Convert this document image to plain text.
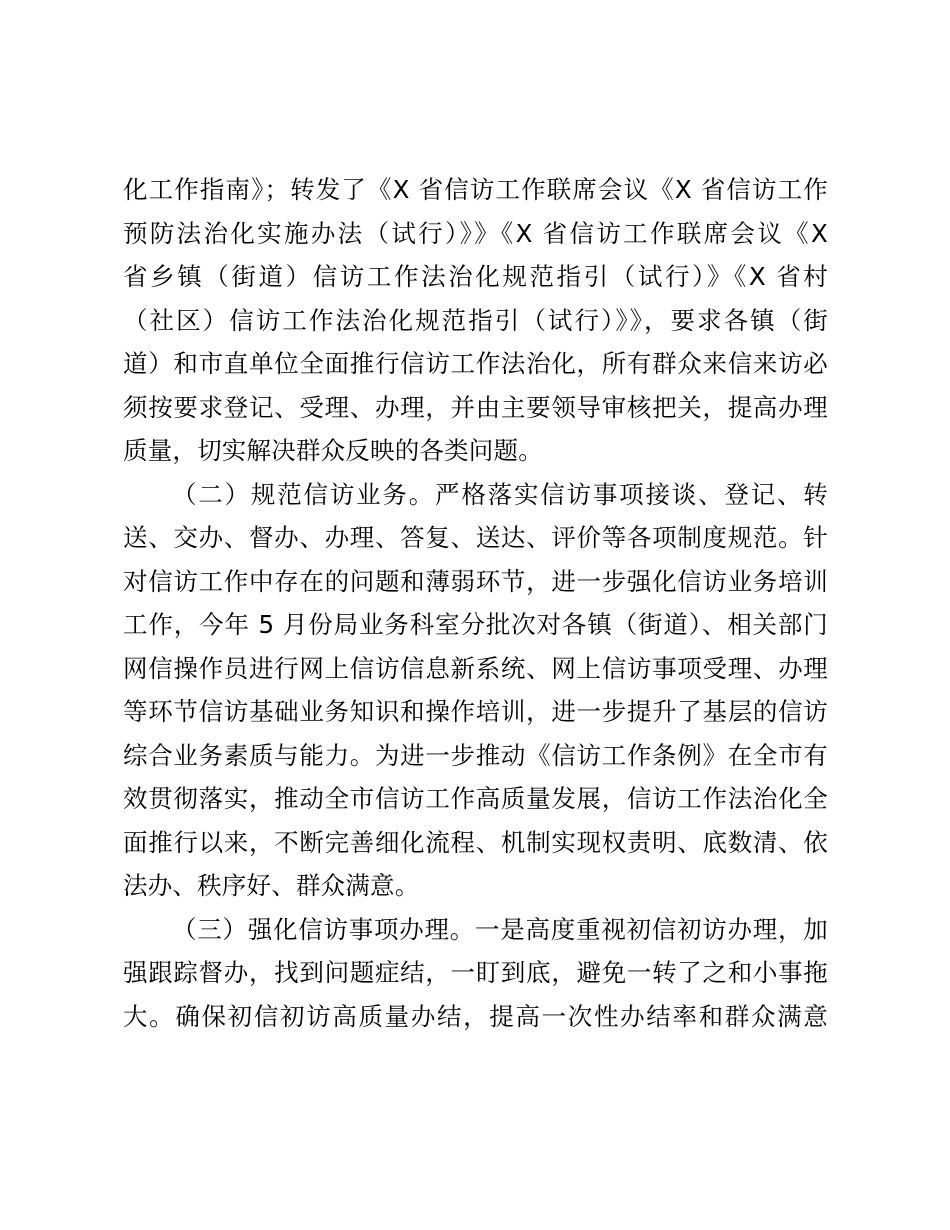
化工作指南》；转发了《X 省信访工作联席会议《X 省信访工作
预防法治化实施办法（试行）》》《X 省信访工作联席会议《X
省乡镇（街道）信访工作法治化规范指引（试行）》《X 省村
（社区）信访工作法治化规范指引（试行）》》，要求各镇（街
道）和市直单位全面推行信访工作法治化，所有群众来信来访必
须按要求登记、受理、办理，并由主要领导审核把关，提高办理
质量，切实解决群众反映的各类问题。
（二）规范信访业务。严格落实信访事项接谈、登记、转
送、交办、督办、办理、答复、送达、评价等各项制度规范。针
对信访工作中存在的问题和薄弱环节，进一步强化信访业务培训
工作，今年 5 月份局业务科室分批次对各镇（街道）、相关部门
网信操作员进行网上信访信息新系统、网上信访事项受理、办理
等环节信访基础业务知识和操作培训，进一步提升了基层的信访
综合业务素质与能力。为进一步推动《信访工作条例》在全市有
效贯彻落实，推动全市信访工作高质量发展，信访工作法治化全
面推行以来，不断完善细化流程、机制实现权责明、底数清、依
法办、秩序好、群众满意。
（三）强化信访事项办理。一是高度重视初信初访办理，加
强跟踪督办，找到问题症结，一盯到底，避免一转了之和小事拖
大。确保初信初访高质量办结，提高一次性办结率和群众满意
